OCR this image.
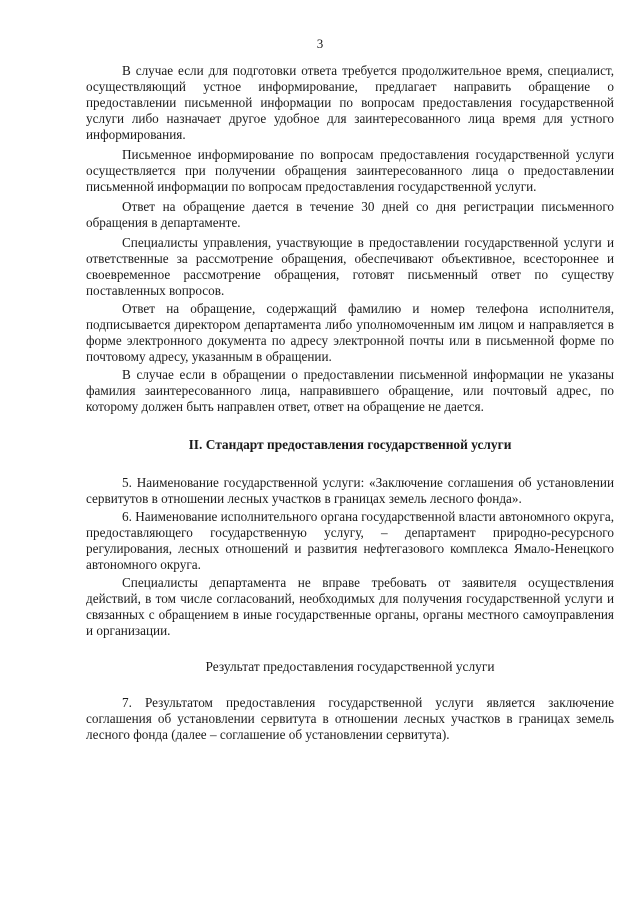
3

В случае если для подготовки ответа требуется продолжительное время, специалист, осуществляющий устное информирование, предлагает направить обращение о предоставлении письменной информации по вопросам предоставления государственной услуги либо назначает другое удобное для заинтересованного лица время для устного информирования.

Письменное информирование по вопросам предоставления государственной услуги осуществляется при получении обращения заинтересованного лица о предоставлении письменной информации по вопросам предоставления государственной услуги.

Ответ на обращение дается в течение 30 дней со дня регистрации письменного обращения в департаменте.

Специалисты управления, участвующие в предоставлении государственной услуги и ответственные за рассмотрение обращения, обеспечивают объективное, всестороннее и своевременное рассмотрение обращения, готовят письменный ответ по существу поставленных вопросов.

Ответ на обращение, содержащий фамилию и номер телефона исполнителя, подписывается директором департамента либо уполномоченным им лицом и направляется в форме электронного документа по адресу электронной почты или в письменной форме по почтовому адресу, указанным в обращении.

В случае если в обращении о предоставлении письменной информации не указаны фамилия заинтересованного лица, направившего обращение, или почтовый адрес, по которому должен быть направлен ответ, ответ на обращение не дается.

II. Стандарт предоставления государственной услуги

5. Наименование государственной услуги: «Заключение соглашения об установлении сервитутов в отношении лесных участков в границах земель лесного фонда».

6. Наименование исполнительного органа государственной власти автономного округа, предоставляющего государственную услугу, – департамент природно-ресурсного регулирования, лесных отношений и развития нефтегазового комплекса Ямало-Ненецкого автономного округа.

Специалисты департамента не вправе требовать от заявителя осуществления действий, в том числе согласований, необходимых для получения государственной услуги и связанных с обращением в иные государственные органы, органы местного самоуправления и организации.

Результат предоставления государственной услуги

7. Результатом предоставления государственной услуги является заключение соглашения об установлении сервитута в отношении лесных участков в границах земель лесного фонда (далее – соглашение об установлении сервитута).
